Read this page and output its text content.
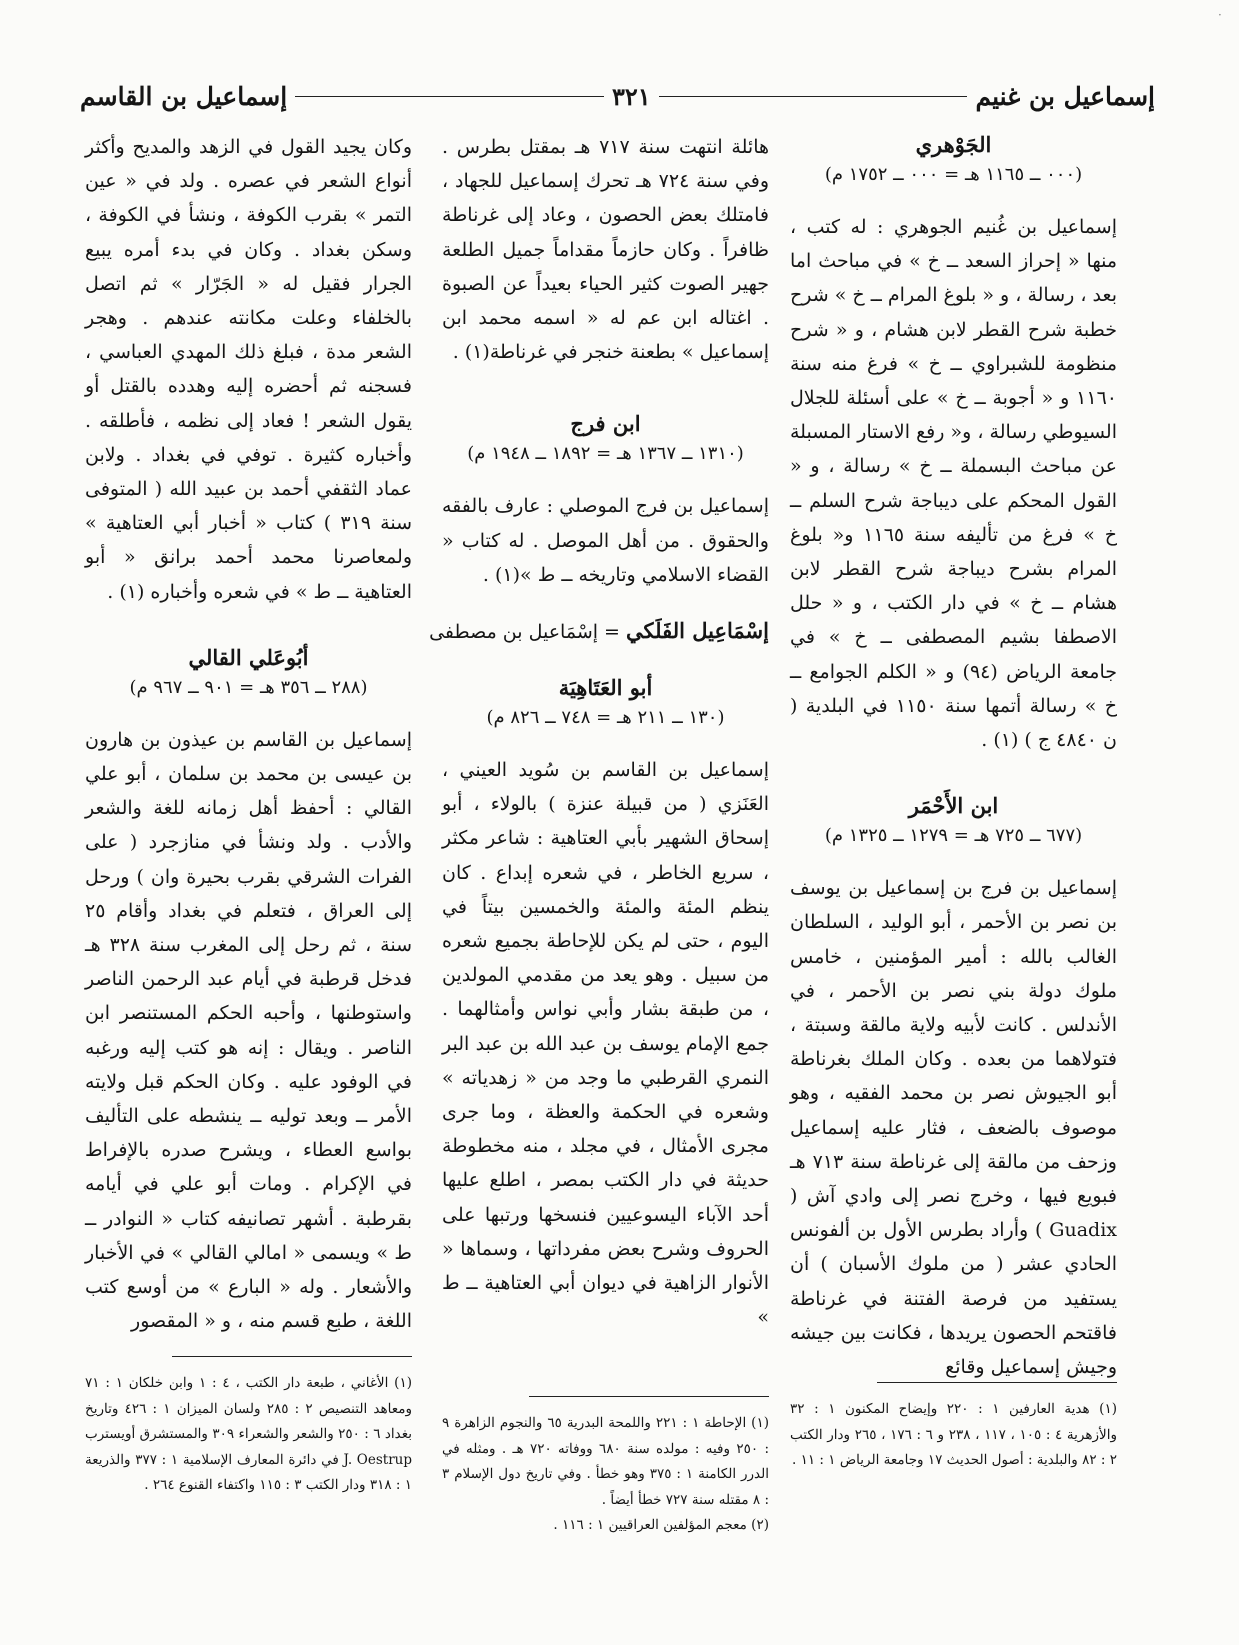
·
إسماعيل بن غنيم
٣٢١
إسماعيل بن القاسم

الجَوْهري

(٠٠٠ ــ ١١٦٥ هـ = ٠٠٠ ــ ١٧٥٢ م)

إسماعيل بن غُنيم الجوهري : له كتب ، منها « إحراز السعد ــ خ » في مباحث اما بعد ، رسالة ، و « بلوغ المرام ــ خ » شرح خطبة شرح القطر لابن هشام ، و « شرح منظومة للشبراوي ــ خ » فرغ منه سنة ١١٦٠ و « أجوبة ــ خ » على أسئلة للجلال السيوطي رسالة ، و« رفع الاستار المسبلة عن مباحث البسملة ــ خ » رسالة ، و « القول المحكم على ديباجة شرح السلم ــ خ » فرغ من تأليفه سنة ١١٦٥ و« بلوغ المرام بشرح ديباجة شرح القطر لابن هشام ــ خ » في دار الكتب ، و « حلل الاصطفا بشيم المصطفى ــ خ » في جامعة الرياض (٩٤) و « الكلم الجوامع ــ خ » رسالة أتمها سنة ١١٥٠ في البلدية ( ن ٤٨٤٠ ج ) (١) .

ابن الأَحْمَر

(٦٧٧ ــ ٧٢٥ هـ = ١٢٧٩ ــ ١٣٢٥ م)

إسماعيل بن فرج بن إسماعيل بن يوسف بن نصر بن الأحمر ، أبو الوليد ، السلطان الغالب بالله : أمير المؤمنين ، خامس ملوك دولة بني نصر بن الأحمر ، في الأندلس . كانت لأبيه ولاية مالقة وسبتة ، فتولاهما من بعده . وكان الملك بغرناطة أبو الجيوش نصر بن محمد الفقيه ، وهو موصوف بالضعف ، فثار عليه إسماعيل وزحف من مالقة إلى غرناطة سنة ٧١٣ هـ فبويع فيها ، وخرج نصر إلى وادي آش ( Guadix ) وأراد بطرس الأول بن ألفونس الحادي عشر ( من ملوك الأسبان ) أن يستفيد من فرصة الفتنة في غرناطة فاقتحم الحصون يريدها ، فكانت بين جيشه وجيش إسماعيل وقائع

(١) هدية العارفين ١ : ٢٢٠ وإيضاح المكنون ١ : ٣٢ والأزهرية ٤ : ١٠٥ ، ١١٧ ، ٢٣٨ و ٦ : ١٧٦ ، ٢٦٥ ودار الكتب ٢ : ٨٢ والبلدية : أصول الحديث ١٧ وجامعة الرياض ١ : ١١ .

هائلة انتهت سنة ٧١٧ هـ بمقتل بطرس . وفي سنة ٧٢٤ هـ تحرك إسماعيل للجهاد ، فامتلك بعض الحصون ، وعاد إلى غرناطة ظافراً . وكان حازماً مقداماً جميل الطلعة جهير الصوت كثير الحياء بعيداً عن الصبوة . اغتاله ابن عم له « اسمه محمد ابن إسماعيل » بطعنة خنجر في غرناطة(١) .

ابن فرج

(١٣١٠ ــ ١٣٦٧ هـ = ١٨٩٢ ــ ١٩٤٨ م)

إسماعيل بن فرج الموصلي : عارف بالفقه والحقوق . من أهل الموصل . له كتاب « القضاء الاسلامي وتاريخه ــ ط »(١) .

إسْمَاعِيل الفَلَكي = إسْمَاعيل بن مصطفى

أبو العَتَاهِيَة

(١٣٠ ــ ٢١١ هـ = ٧٤٨ ــ ٨٢٦ م)

إسماعيل بن القاسم بن سُويد العيني ، العَنَزي ( من قبيلة عنزة ) بالولاء ، أبو إسحاق الشهير بأبي العتاهية : شاعر مكثر ، سريع الخاطر ، في شعره إبداع . كان ينظم المئة والمئة والخمسين بيتاً في اليوم ، حتى لم يكن للإحاطة بجميع شعره من سبيل . وهو يعد من مقدمي المولدين ، من طبقة بشار وأبي نواس وأمثالهما . جمع الإمام يوسف بن عبد الله بن عبد البر النمري القرطبي ما وجد من « زهدياته » وشعره في الحكمة والعظة ، وما جرى مجرى الأمثال ، في مجلد ، منه مخطوطة حديثة في دار الكتب بمصر ، اطلع عليها أحد الآباء اليسوعيين فنسخها ورتبها على الحروف وشرح بعض مفرداتها ، وسماها « الأنوار الزاهية في ديوان أبي العتاهية ــ ط »

(١) الإحاطة ١ : ٢٢١ واللمحة البدرية ٦٥ والنجوم الزاهرة ٩ : ٢٥٠ وفيه : مولده سنة ٦٨٠ ووفاته ٧٢٠ هـ . ومثله في الدرر الكامنة ١ : ٣٧٥ وهو خطأ . وفي تاريخ دول الإسلام ٣ : ٨ مقتله سنة ٧٢٧ خطأ أيضاً .

(٢) معجم المؤلفين العراقيين ١ : ١١٦ .

وكان يجيد القول في الزهد والمديح وأكثر أنواع الشعر في عصره . ولد في « عين التمر » بقرب الكوفة ، ونشأ في الكوفة ، وسكن بغداد . وكان في بدء أمره يبيع الجرار فقيل له « الجَرّار » ثم اتصل بالخلفاء وعلت مكانته عندهم . وهجر الشعر مدة ، فبلغ ذلك المهدي العباسي ، فسجنه ثم أحضره إليه وهدده بالقتل أو يقول الشعر ! فعاد إلى نظمه ، فأطلقه . وأخباره كثيرة . توفي في بغداد . ولابن عماد الثقفي أحمد بن عبيد الله ( المتوفى سنة ٣١٩ ) كتاب « أخبار أبي العتاهية » ولمعاصرنا محمد أحمد برانق « أبو العتاهية ــ ط » في شعره وأخباره (١) .

أبُوعَلي القالي

(٢٨٨ ــ ٣٥٦ هـ = ٩٠١ ــ ٩٦٧ م)

إسماعيل بن القاسم بن عيذون بن هارون بن عيسى بن محمد بن سلمان ، أبو علي القالي : أحفظ أهل زمانه للغة والشعر والأدب . ولد ونشأ في منازجرد ( على الفرات الشرقي بقرب بحيرة وان ) ورحل إلى العراق ، فتعلم في بغداد وأقام ٢٥ سنة ، ثم رحل إلى المغرب سنة ٣٢٨ هـ فدخل قرطبة في أيام عبد الرحمن الناصر واستوطنها ، وأحبه الحكم المستنصر ابن الناصر . ويقال : إنه هو كتب إليه ورغبه في الوفود عليه . وكان الحكم قبل ولايته الأمر ــ وبعد توليه ــ ينشطه على التأليف بواسع العطاء ، ويشرح صدره بالإفراط في الإكرام . ومات أبو علي في أيامه بقرطبة . أشهر تصانيفه كتاب « النوادر ــ ط » ويسمى « امالي القالي » في الأخبار والأشعار . وله « البارع » من أوسع كتب اللغة ، طبع قسم منه ، و « المقصور

(١) الأغاني ، طبعة دار الكتب ، ٤ : ١ وابن خلكان ١ : ٧١ ومعاهد التنصيص ٢ : ٢٨٥ ولسان الميزان ١ : ٤٢٦ وتاريخ بغداد ٦ : ٢٥٠ والشعر والشعراء ٣٠٩ والمستشرق أويسترب J. Oestrup في دائرة المعارف الإسلامية ١ : ٣٧٧ والذريعة ١ : ٣١٨ ودار الكتب ٣ : ١١٥ واكتفاء القنوع ٢٦٤ .
